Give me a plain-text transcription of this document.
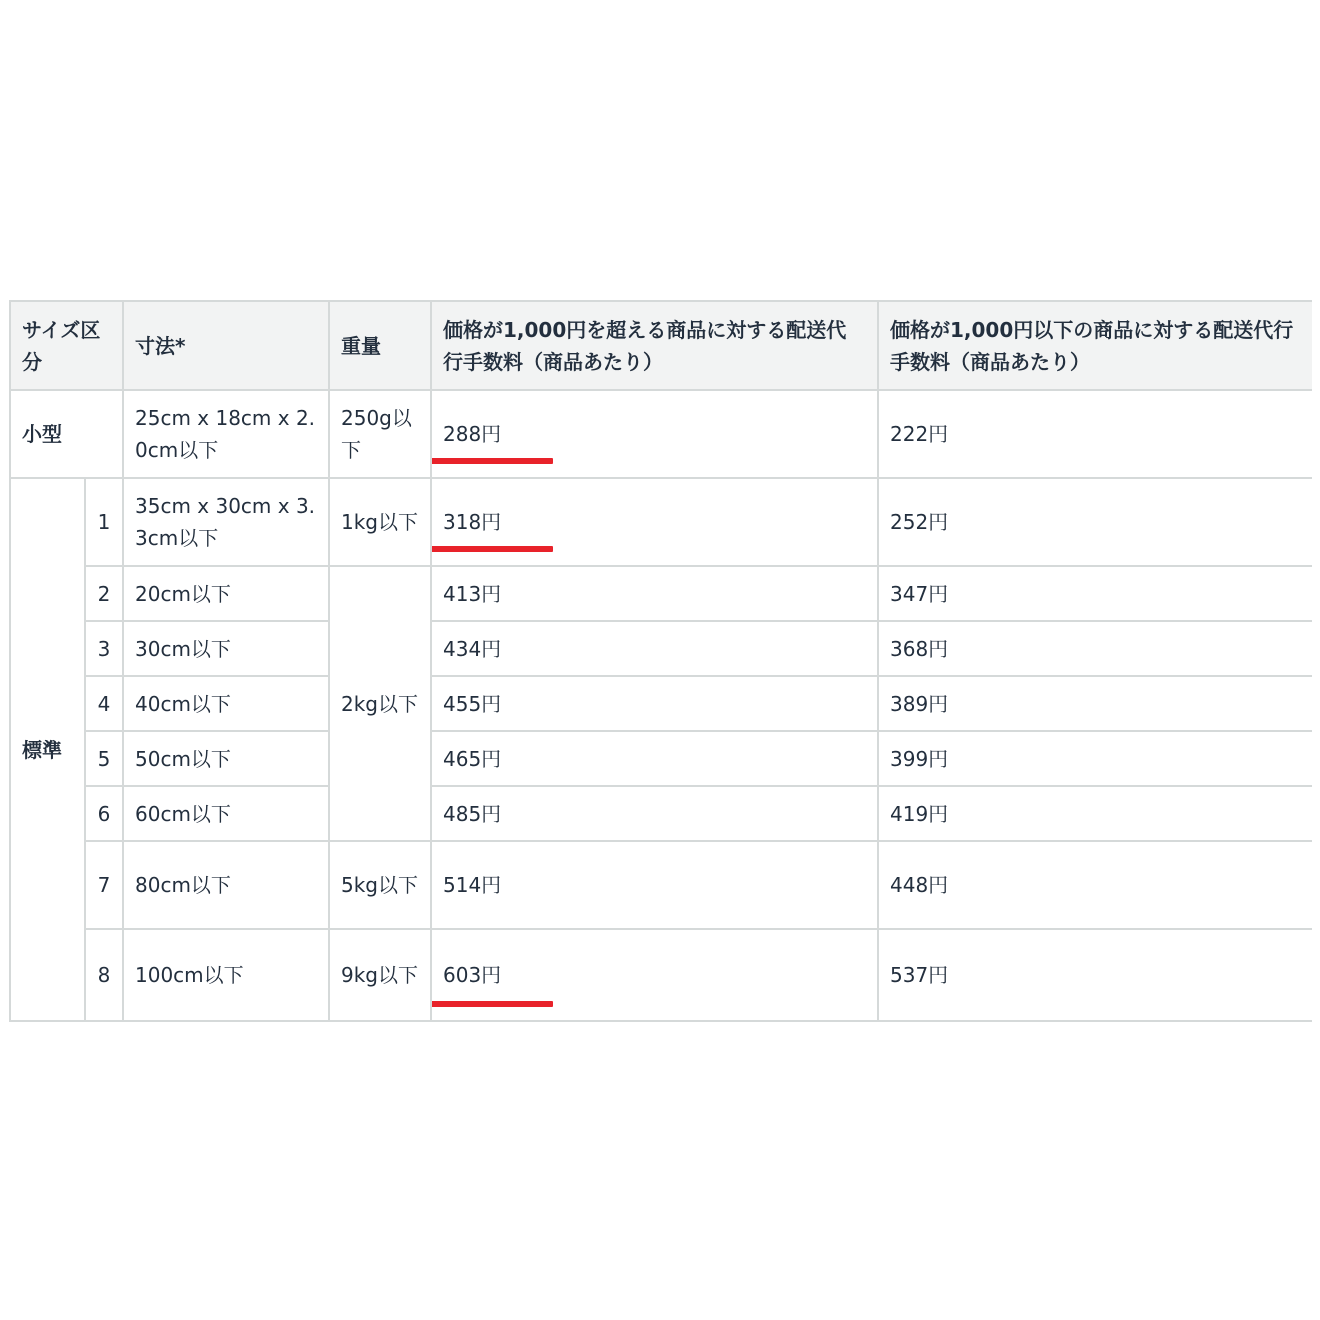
サイズ区分		寸法*	重量	価格が1,000円を超える商品に対する配送代行手数料（商品あたり）	価格が1,000円以下の商品に対する配送代行手数料（商品あたり）
小型		25cm x 18cm x 2.0cm以下	250g以下	288円	222円
標準	1	35cm x 30cm x 3.3cm以下	1kg以下	318円	252円
	2	20cm以下	2kg以下	413円	347円
	3	30cm以下		434円	368円
	4	40cm以下		455円	389円
	5	50cm以下		465円	399円
	6	60cm以下		485円	419円
	7	80cm以下	5kg以下	514円	448円
	8	100cm以下	9kg以下	603円	537円
